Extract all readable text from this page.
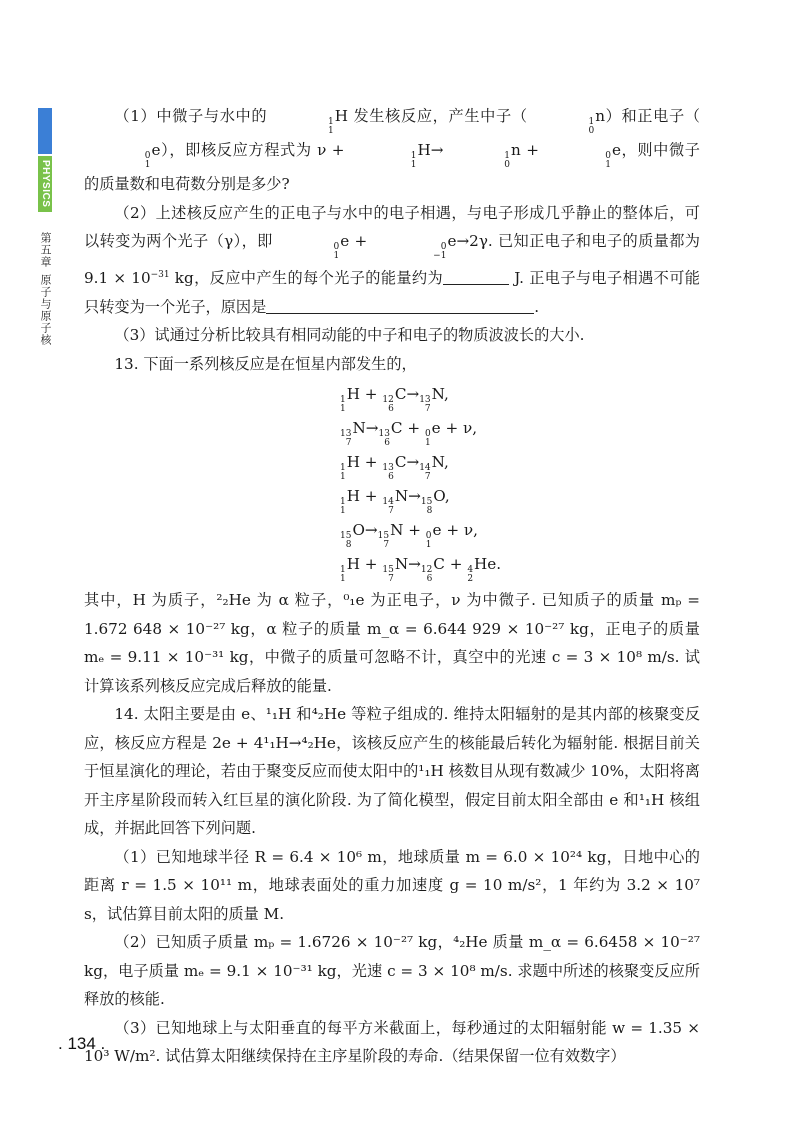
PHYSICS
第五章
原子与原子核

（1）中微子与水中的	1
1
H 发生核反应，产生中子（	1
0
n）和正电子（
0
1
e），即核反应方程式为 ν +	1
1
H→	1
0
n +	0
1
e，则中微子的质量数和电荷数分别是多少?

（2）上述核反应产生的正电子与水中的电子相遇，与电子形成几乎静止的整体后，可以转变为两个光子（γ），即	0
1
e +	0
−1
e→2γ. 已知正电子和电子的质量都为 $9.1 \times 10^{-31}$ kg，反应中产生的每个光子的能量约为	J. 正电子与电子相遇不可能只转变为一个光子，原因是	.

（3）试通过分析比较具有相同动能的中子和电子的物质波波长的大小.

13. 下面一系列核反应是在恒星内部发生的，

1
1
H + 12
6
C→ 13
7
N,
13
7
N→ 13
6
C + 0
1
e + ν,
1
1
H + 13
6
C→ 14
7
N,
1
1
H + 14
7
N→ 15
8
O,
15
8
O→ 15
7
N + 0
1
e + ν,
1
1
H + 15
7
N→ 12
6
C + 4
2
He.

其中，H 为质子，²₂He 为 α 粒子，⁰₁e 为正电子，ν 为中微子. 已知质子的质量 mₚ = 1.672 648 × 10⁻²⁷ kg，α 粒子的质量 m_α = 6.644 929 × 10⁻²⁷ kg，正电子的质量 mₑ = 9.11 × 10⁻³¹ kg，中微子的质量可忽略不计，真空中的光速 c = 3 × 10⁸ m/s. 试计算该系列核反应完成后释放的能量.

14. 太阳主要是由 e、¹₁H 和⁴₂He 等粒子组成的. 维持太阳辐射的是其内部的核聚变反应，核反应方程是 2e + 4¹₁H→⁴₂He，该核反应产生的核能最后转化为辐射能. 根据目前关于恒星演化的理论，若由于聚变反应而使太阳中的¹₁H 核数目从现有数减少 10%，太阳将离开主序星阶段而转入红巨星的演化阶段. 为了简化模型，假定目前太阳全部由 e 和¹₁H 核组成，并据此回答下列问题.

（1）已知地球半径 R = 6.4 × 10⁶ m，地球质量 m = 6.0 × 10²⁴ kg，日地中心的距离 r = 1.5 × 10¹¹ m，地球表面处的重力加速度 g = 10 m/s²，1 年约为 3.2 × 10⁷ s，试估算目前太阳的质量 M.

（2）已知质子质量 mₚ = 1.6726 × 10⁻²⁷ kg，⁴₂He 质量 m_α = 6.6458 × 10⁻²⁷ kg，电子质量 mₑ = 9.1 × 10⁻³¹ kg，光速 c = 3 × 10⁸ m/s. 求题中所述的核聚变反应所释放的核能.

（3）已知地球上与太阳垂直的每平方米截面上，每秒通过的太阳辐射能 w = 1.35 × 10³ W/m². 试估算太阳继续保持在主序星阶段的寿命.（结果保留一位有效数字）

. 134 .
